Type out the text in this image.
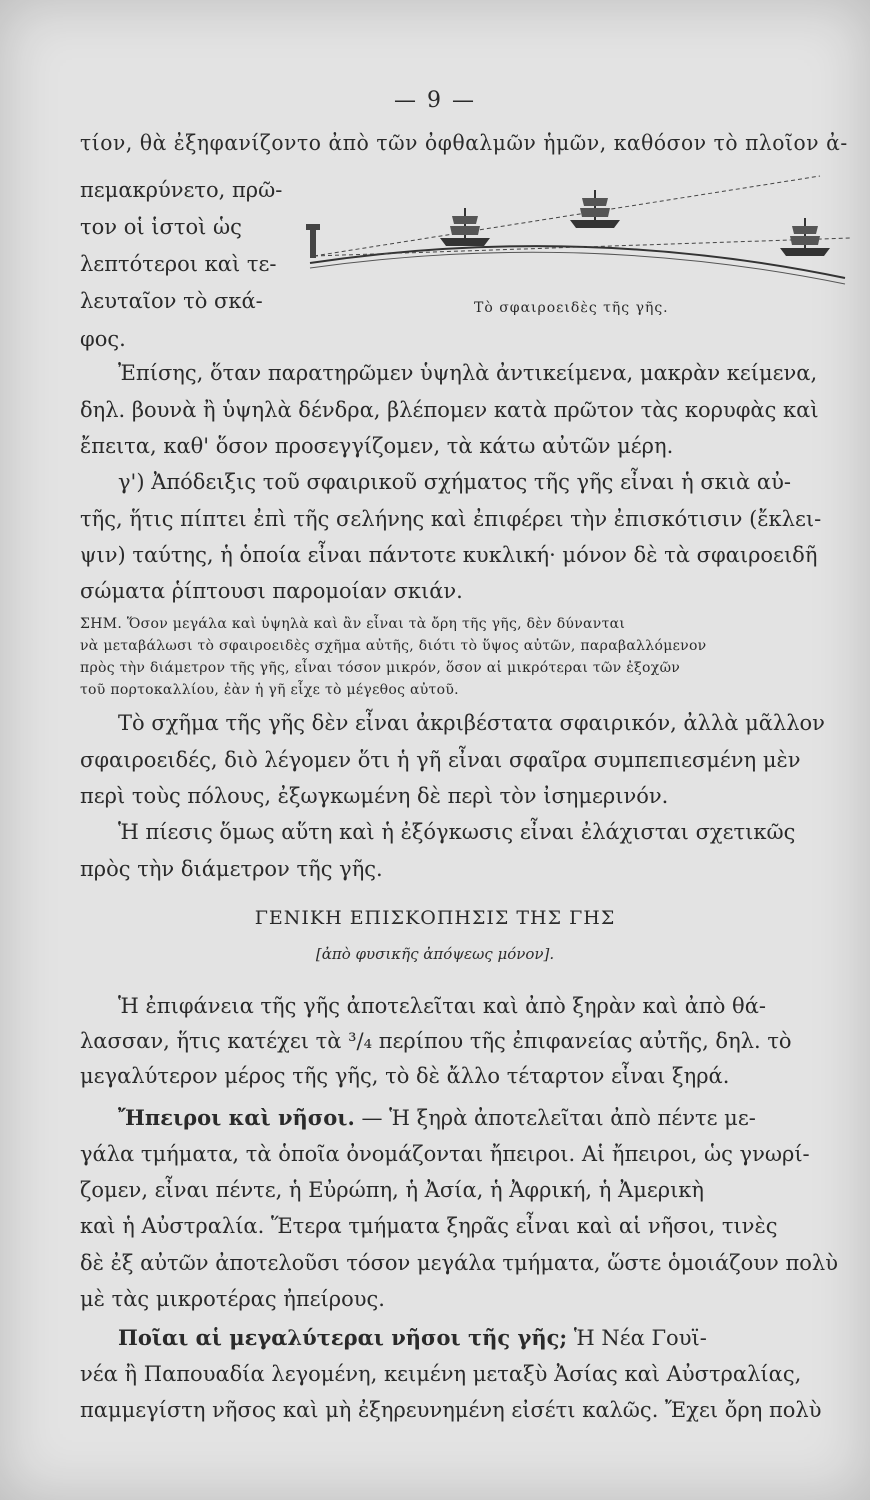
— 9 —
τίον, θὰ ἐξηφανίζοντο ἀπὸ τῶν ὀφθαλμῶν ἡμῶν, καθόσον τὸ πλοῖον ἀ-
πεμακρύνετο, πρῶ-
τον οἱ ἱστοὶ ὡς
λεπτότεροι καὶ τε-
λευταῖον τὸ σκά-
φος.
Τὸ σφαιροειδὲς τῆς γῆς.
Ἐπίσης, ὅταν παρατηρῶμεν ὑψηλὰ ἀντικείμενα, μακρὰν κείμενα,
δηλ. βουνὰ ἢ ὑψηλὰ δένδρα, βλέπομεν κατὰ πρῶτον τὰς κορυφὰς καὶ
ἔπειτα, καθ' ὅσον προσεγγίζομεν, τὰ κάτω αὐτῶν μέρη.
γ') Ἀπόδειξις τοῦ σφαιρικοῦ σχήματος τῆς γῆς εἶναι ἡ σκιὰ αὐ-
τῆς, ἥτις πίπτει ἐπὶ τῆς σελήνης καὶ ἐπιφέρει τὴν ἐπισκότισιν (ἔκλει-
ψιν) ταύτης, ἡ ὁποία εἶναι πάντοτε κυκλική· μόνον δὲ τὰ σφαιροειδῆ
σώματα ῥίπτουσι παρομοίαν σκιάν.
ΣΗΜ. Ὅσον μεγάλα καὶ ὑψηλὰ καὶ ἂν εἶναι τὰ ὄρη τῆς γῆς, δὲν δύνανται
νὰ μεταβάλωσι τὸ σφαιροειδὲς σχῆμα αὐτῆς, διότι τὸ ὕψος αὐτῶν, παραβαλλόμενον
πρὸς τὴν διάμετρον τῆς γῆς, εἶναι τόσον μικρόν, ὅσον αἱ μικρότεραι τῶν ἐξοχῶν
τοῦ πορτοκαλλίου, ἐὰν ἡ γῆ εἶχε τὸ μέγεθος αὐτοῦ.
Τὸ σχῆμα τῆς γῆς δὲν εἶναι ἀκριβέστατα σφαιρικόν, ἀλλὰ μᾶλλον
σφαιροειδές, διὸ λέγομεν ὅτι ἡ γῆ εἶναι σφαῖρα συμπεπιεσμένη μὲν
περὶ τοὺς πόλους, ἐξωγκωμένη δὲ περὶ τὸν ἰσημερινόν.
Ἡ πίεσις ὅμως αὕτη καὶ ἡ ἐξόγκωσις εἶναι ἐλάχισται σχετικῶς
πρὸς τὴν διάμετρον τῆς γῆς.
ΓΕΝΙΚΗ ΕΠΙΣΚΟΠΗΣΙΣ ΤΗΣ ΓΗΣ
[ἀπὸ φυσικῆς ἀπόψεως μόνον].
Ἡ ἐπιφάνεια τῆς γῆς ἀποτελεῖται καὶ ἀπὸ ξηρὰν καὶ ἀπὸ θά-
λασσαν, ἥτις κατέχει τὰ ³/₄ περίπου τῆς ἐπιφανείας αὐτῆς, δηλ. τὸ
μεγαλύτερον μέρος τῆς γῆς, τὸ δὲ ἄλλο τέταρτον εἶναι ξηρά.
Ἤπειροι καὶ νῆσοι. — Ἡ ξηρὰ ἀποτελεῖται ἀπὸ πέντε με-
γάλα τμήματα, τὰ ὁποῖα ὀνομάζονται ἤπειροι. Αἱ ἤπειροι, ὡς γνωρί-
ζομεν, εἶναι πέντε, ἡ Εὐρώπη, ἡ Ἀσία, ἡ Ἀφρική, ἡ Ἀμερικὴ
καὶ ἡ Αὐστραλία. Ἕτερα τμήματα ξηρᾶς εἶναι καὶ αἱ νῆσοι, τινὲς
δὲ ἐξ αὐτῶν ἀποτελοῦσι τόσον μεγάλα τμήματα, ὥστε ὁμοιάζουν πολὺ
μὲ τὰς μικροτέρας ἠπείρους.
Ποῖαι αἱ μεγαλύτεραι νῆσοι τῆς γῆς; Ἡ Νέα Γουϊ-
νέα ἢ Παπουαδία λεγομένη, κειμένη μεταξὺ Ἀσίας καὶ Αὐστραλίας,
παμμεγίστη νῆσος καὶ μὴ ἐξηρευνημένη εἰσέτι καλῶς. Ἔχει ὄρη πολὺ
